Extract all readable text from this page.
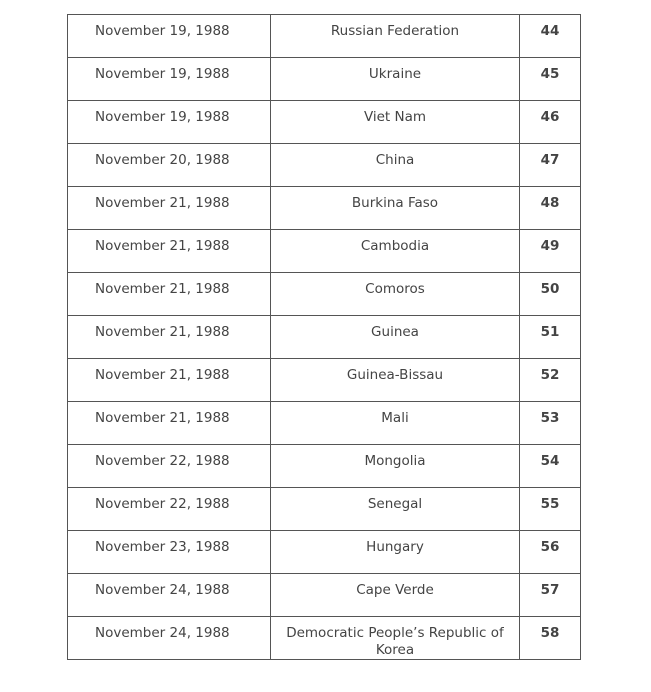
November 19, 1988	Russian Federation	44
November 19, 1988	Ukraine	45
November 19, 1988	Viet Nam	46
November 20, 1988	China	47
November 21, 1988	Burkina Faso	48
November 21, 1988	Cambodia	49
November 21, 1988	Comoros	50
November 21, 1988	Guinea	51
November 21, 1988	Guinea-Bissau	52
November 21, 1988	Mali	53
November 22, 1988	Mongolia	54
November 22, 1988	Senegal	55
November 23, 1988	Hungary	56
November 24, 1988	Cape Verde	57
November 24, 1988	Democratic People’s Republic of Korea	58
